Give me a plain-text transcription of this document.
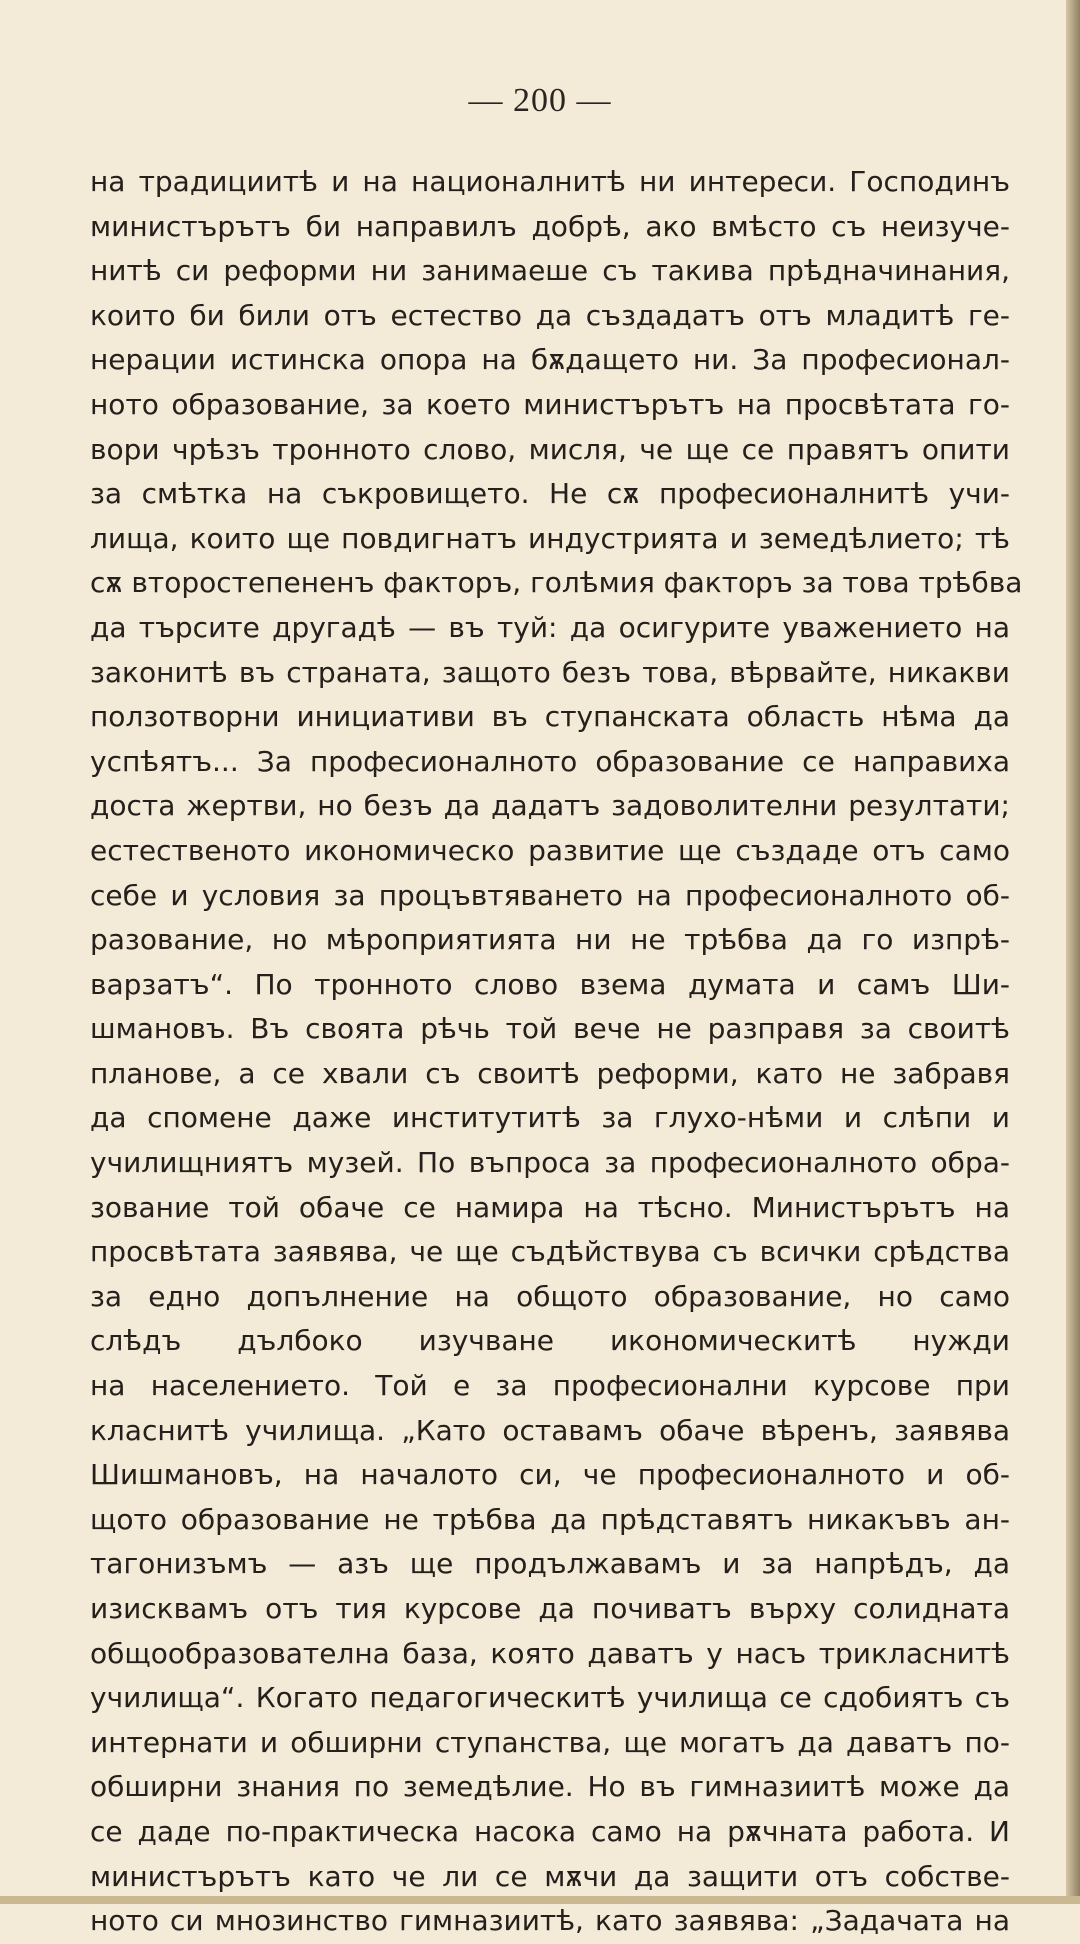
— 200 —
на традициитѣ и на националнитѣ ни интереси. Господинъ
министърътъ би направилъ добрѣ, ако вмѣсто съ неизуче-
нитѣ си реформи ни занимаеше съ такива прѣдначинания,
които би били отъ естество да създадатъ отъ младитѣ ге-
нерации истинска опора на бѫдащето ни. За професионал-
ното образование, за което министърътъ на просвѣтата го-
вори чрѣзъ тронното слово, мисля, че ще се правятъ опити
за смѣтка на съкровището. Не сѫ професионалнитѣ учи-
лища, които ще повдигнатъ индустрията и земедѣлието; тѣ
сѫ второстепененъ факторъ, голѣмия факторъ за това трѣбва
да търсите другадѣ — въ туй: да осигурите уважението на
законитѣ въ страната, защото безъ това, вѣрвайте, никакви
ползотворни инициативи въ ступанската область нѣма да
успѣятъ... За професионалното образование се направиха
доста жертви, но безъ да дадатъ задоволителни резултати;
естественото икономическо развитие ще създаде отъ само
себе и условия за процъвтяването на професионалното об-
разование, но мѣроприятията ни не трѣбва да го изпрѣ-
варзатъ“. По тронното слово взема думата и самъ Ши-
шмановъ. Въ своята рѣчь той вече не разправя за своитѣ
планове, а се хвали съ своитѣ реформи, като не забравя
да спомене даже институтитѣ за глухо-нѣми и слѣпи и
училищниятъ музей. По въпроса за професионалното обра-
зование той обаче се намира на тѣсно. Министърътъ на
просвѣтата заявява, че ще съдѣйствува съ всички срѣдства
за едно допълнение на общото образование, но само
слѣдъ дълбоко изучване икономическитѣ нужди
на населението. Той е за професионални курсове при
класнитѣ училища. „Като оставамъ обаче вѣренъ, заявява
Шишмановъ, на началото си, че професионалното и об-
щото образование не трѣбва да прѣдставятъ никакъвъ ан-
тагонизъмъ — азъ ще продължавамъ и за напрѣдъ, да
изисквамъ отъ тия курсове да почиватъ върху солидната
общообразователна база, която даватъ у насъ трикласнитѣ
училища“. Когато педагогическитѣ училища се сдобиятъ съ
интернати и обширни ступанства, ще могатъ да даватъ по-
обширни знания по земедѣлие. Но въ гимназиитѣ може да
се даде по-практическа насока само на рѫчната работа. И
министърътъ като че ли се мѫчи да защити отъ собстве-
ното си мнозинство гимназиитѣ, като заявява: „Задачата на
